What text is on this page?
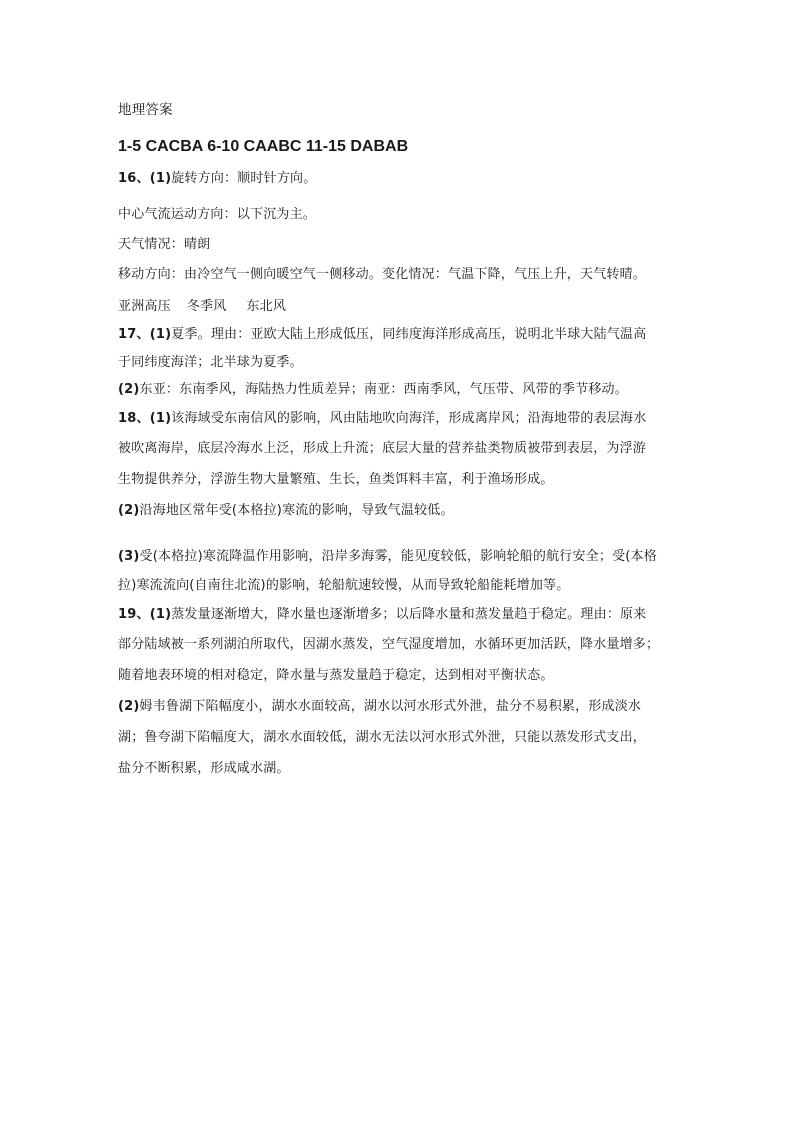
地理答案
1-5 CACBA 6-10 CAABC 11-15 DABAB
16、(1)旋转方向：顺时针方向。
中心气流运动方向：以下沉为主。
天气情况：晴朗
移动方向：由冷空气一侧向暖空气一侧移动。变化情况：气温下降，气压上升，天气转晴。
亚洲高压 冬季风 东北风
17、(1)夏季。理由：亚欧大陆上形成低压，同纬度海洋形成高压，说明北半球大陆气温高
于同纬度海洋；北半球为夏季。
(2)东亚：东南季风，海陆热力性质差异；南亚：西南季风，气压带、风带的季节移动。
18、(1)该海域受东南信风的影响，风由陆地吹向海洋，形成离岸风；沿海地带的表层海水
被吹离海岸，底层冷海水上泛，形成上升流；底层大量的营养盐类物质被带到表层，为浮游
生物提供养分，浮游生物大量繁殖、生长，鱼类饵料丰富，利于渔场形成。
(2)沿海地区常年受(本格拉)寒流的影响，导致气温较低。
(3)受(本格拉)寒流降温作用影响，沿岸多海雾，能见度较低，影响轮船的航行安全；受(本格
拉)寒流流向(自南往北流)的影响，轮船航速较慢，从而导致轮船能耗增加等。
19、(1)蒸发量逐渐增大，降水量也逐渐增多；以后降水量和蒸发量趋于稳定。理由：原来
部分陆域被一系列湖泊所取代，因湖水蒸发，空气湿度增加，水循环更加活跃，降水量增多；
随着地表环境的相对稳定，降水量与蒸发量趋于稳定，达到相对平衡状态。
(2)姆韦鲁湖下陷幅度小，湖水水面较高，湖水以河水形式外泄，盐分不易积累，形成淡水
湖；鲁夸湖下陷幅度大，湖水水面较低，湖水无法以河水形式外泄，只能以蒸发形式支出，
盐分不断积累，形成咸水湖。
